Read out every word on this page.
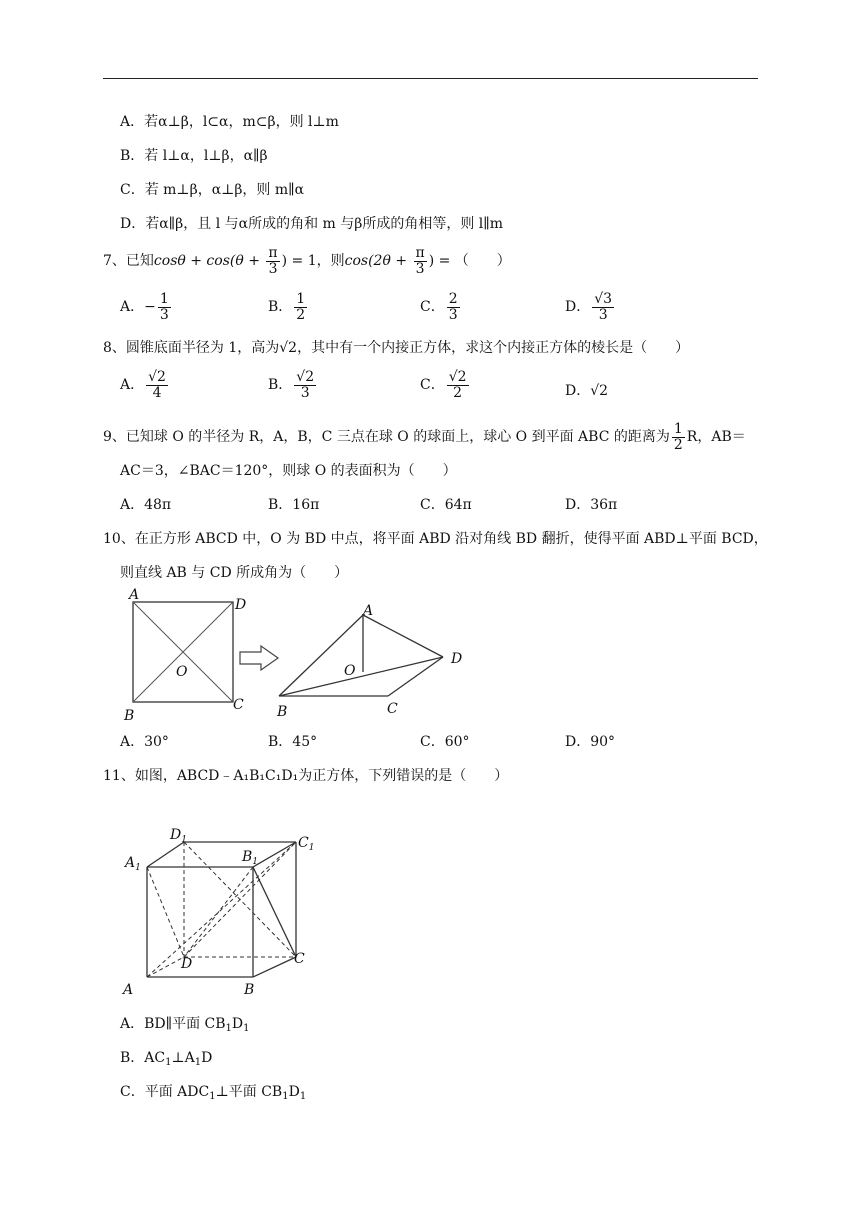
A．若α⊥β，l⊂α，m⊂β，则 l⊥m
B．若 l⊥α，l⊥β，α∥β
C．若 m⊥β，α⊥β，则 m∥α
D．若α∥β，且 l 与α所成的角和 m 与β所成的角相等，则 l∥m
7、已知$\cos\theta + \cos(\theta + \frac{\pi}{3}$ ) = 1，则$\cos(2\theta + \frac{\pi}{3}$ ) = （　　）
A．− $\frac{1}{3}$	B． $\frac{1}{2}$	C． $\frac{2}{3}$	D． $\frac{√3}{3}$
8、圆锥底面半径为 1，高为√2，其中有一个内接正方体，求这个内接正方体的棱长是（　　）
A． $\frac{√2}{4}$	B． $\frac{√2}{3}$	C． $\frac{√2}{2}$	D．√2
9、已知球 O 的半径为 R，A，B，C 三点在球 O 的球面上，球心 O 到平面 ABC 的距离为 $\frac{1}{2}$ R，AB＝
AC＝3，∠BAC＝120°，则球 O 的表面积为（　　）
A．48π	B．16π	C．64π	D．36π
10、在正方形 ABCD 中，O 为 BD 中点，将平面 ABD 沿对角线 BD 翻折，使得平面 ABD⊥平面 BCD，
则直线 AB 与 CD 所成角为（　　）
A
D
B
C
O
A
D
O
B	C
A．30°	B．45°	C．60°	D．90°
11、如图，ABCD﹣A₁B₁C₁D₁为正方体，下列错误的是（　　）
$D_1$	$C_1$
$A_1$
$B_1$
D	C
A	B
A．BD∥平面 $CB_1D_1$
B．$AC_1\perp A_1D$
C．平面 $ADC_1\perp$平面 $CB_1D_1$
